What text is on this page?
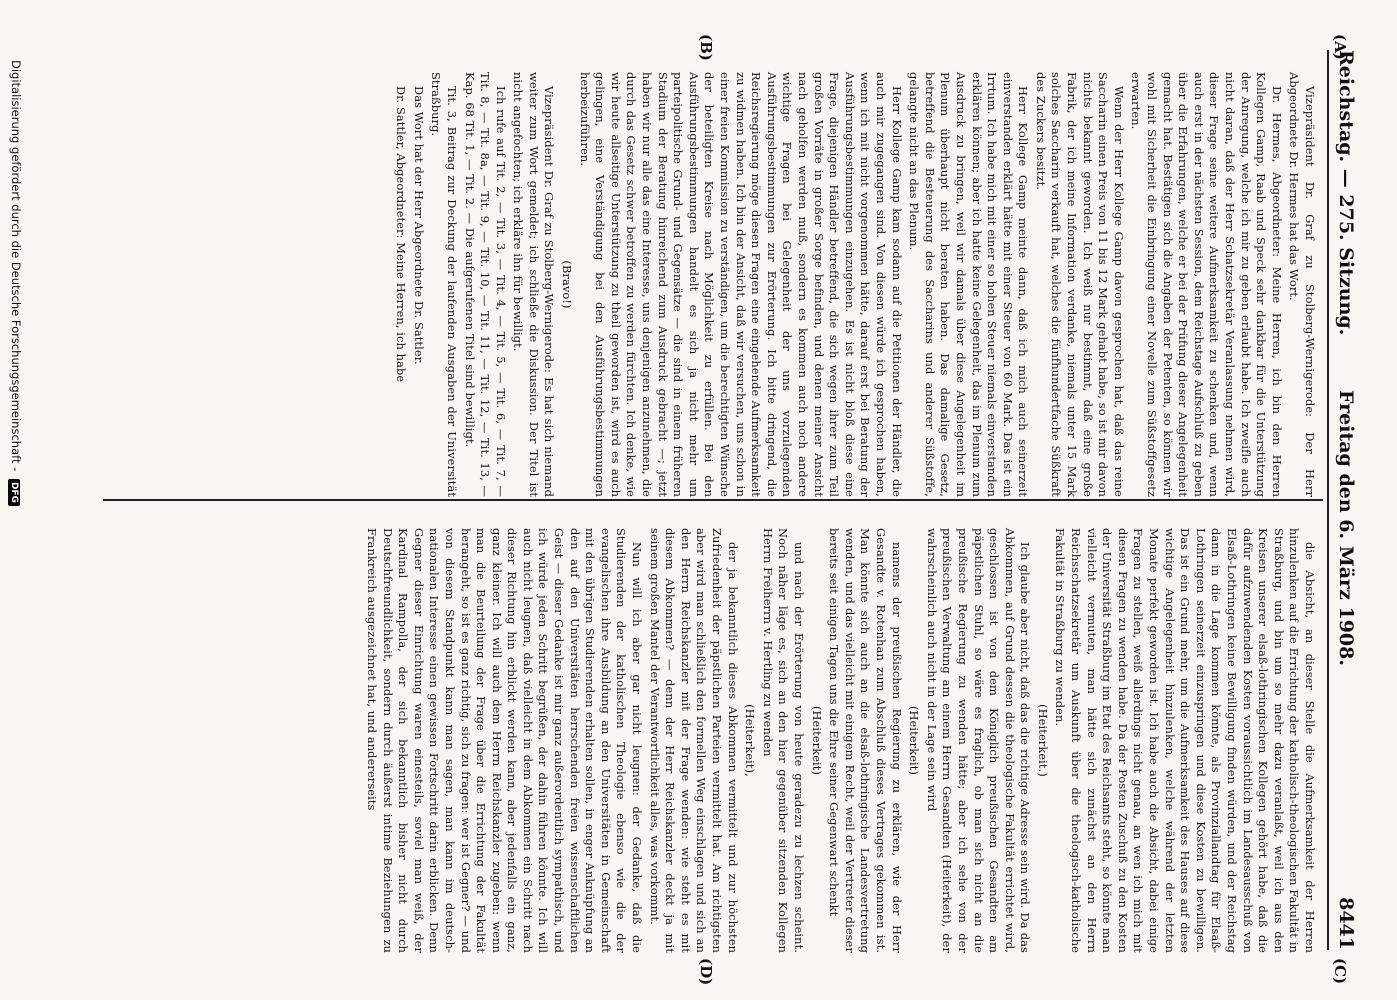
Reichstag. — 275. Sitzung.
Freitag den 6. März 1908.
8441
(A)
(B)
(C)
(D)

Vizepräsident Dr. Graf zu Stolberg-Wernigerode: Der Herr Abgeordnete Dr. Hermes hat das Wort.

Dr. Hermes, Abgeordneter: Meine Herren, ich bin den Herren Kollegen Gamp, Raab und Speck sehr dankbar für die Unterstützung der Anregung, welche ich mir zu geben erlaubt habe. Ich zweifle auch nicht daran, daß der Herr Schatzsekretär Veranlassung nehmen wird, dieser Frage seine weitere Aufmerksamkeit zu schenken und, wenn auch erst in der nächsten Session, dem Reichstage Aufschluß zu geben über die Erfahrungen, welche er bei der Prüfung dieser Angelegenheit gemacht hat. Bestätigen sich die Angaben der Petenten, so können wir wohl mit Sicherheit die Einbringung einer Novelle zum Süßstoffgesetz erwarten.

Wenn der Herr Kollege Gamp davon gesprochen hat, daß das reine Saccharin einen Preis von 11 bis 12 Mark gehabt habe, so ist mir davon nichts bekannt geworden. Ich weiß nur bestimmt, daß eine große Fabrik, der ich meine Information verdanke, niemals unter 15 Mark solches Saccharin verkauft hat, welches die fünfhundertfache Süßkraft des Zuckers besitzt.

Herr Kollege Gamp meinte dann, daß ich mich auch seinerzeit einverstanden erklärt hätte mit einer Steuer von 60 Mark. Das ist ein Irrtum. Ich habe mich mit einer so hohen Steuer niemals einverstanden erklären können; aber ich hatte keine Gelegenheit, das im Plenum zum Ausdruck zu bringen, weil wir damals über diese Angelegenheit im Plenum überhaupt nicht beraten haben. Das damalige Gesetz, betreffend die Besteuerung des Saccharins und anderer Süßstoffe, gelangte nicht an das Plenum.

Herr Kollege Gamp kam sodann auf die Petitionen der Händler, die auch mir zugegangen sind. Von diesen würde ich gesprochen haben, wenn ich mit nicht vorgenommen hätte, darauf erst bei Beratung der Ausführungsbestimmungen einzugehen. Es ist nicht bloß diese eine Frage, diejenigen Händler betreffend, die sich wegen ihrer zum Teil großen Vorräte in großer Sorge befinden, und denen meiner Ansicht nach geholfen werden muß, sondern es kommen auch noch andere wichtige Fragen bei Gelegenheit der uns vorzulegenden Ausführungsbestimmungen zur Erörterung. Ich bitte dringend, die Reichsregierung möge diesen Fragen eine eingehende Aufmerksamkeit zu widmen haben. Ich bin der Ansicht, daß wir versuchen, uns schon in einer freien Kommission zu verständigen, um die berechtigten Wünsche der beteiligten Kreise nach Möglichkeit zu erfüllen. Bei den Ausführungsbestimmungen handelt es sich ja nicht mehr um parteipolitische Grund- und Gegensätze — die sind in einem früheren Stadium der Beratung hinreichend zum Ausdruck gebracht —; jetzt haben wir nur alle das eine Interesse, uns denjenigen anzunehmen, die durch das Gesetz schwer betroffen zu werden fürchten. Ich denke, wie wir heute allseitige Unterstützung zu theil geworden ist, wird es auch gelingen, eine Verständigung bei den Ausführungsbestimmungen herbeizuführen.

(Bravo!)

Vizepräsident Dr. Graf zu Stolberg-Wernigerode: Es hat sich niemand weiter zum Wort gemeldet; ich schließe die Diskussion. Der Titel ist nicht angefochten; ich erkläre ihn für bewilligt.

Ich rufe auf Tit. 2, — Tit. 3, — Tit. 4, — Tit. 5, — Tit. 6, — Tit. 7, — Tit. 8, — Tit. 8a, — Tit. 9, — Tit. 10, — Tit. 11, — Tit. 12, — Tit. 13, — Kap. 68 Tit. 1, — Tit. 2. — Die aufgerufenen Titel sind bewilligt.

Tit. 3, Beitrag zur Deckung der laufenden Ausgaben der Universität Straßburg.

Das Wort hat der Herr Abgeordnete Dr. Sattler.

Dr. Sattler, Abgeordneter: Meine Herren, ich habe

die Absicht, an dieser Stelle die Aufmerksamkeit der Herren hinzulenken auf die Errichtung der katholisch-theologischen Fakultät in Straßburg, und bin um so mehr dazu veranlaßt, weil ich aus den Kreisen unserer elsaß-lothringischen Kollegen gehört habe, daß die dafür aufzuwendenden Kosten voraussichtlich im Landesausschuß von Elsaß-Lothringen keine Bewilligung finden würden, und der Reichstag dann in die Lage kommen könnte, als Provinziallandtag für Elsaß-Lothringen seinerzeit einzuspringen und diese Kosten zu bewilligen. Das ist ein Grund mehr, um die Aufmerksamkeit des Hauses auf diese wichtige Angelegenheit hinzulenken, welche während der letzten Monate perfekt geworden ist. Ich habe auch die Absicht, dabei einige Fragen zu stellen, weiß allerdings nicht genau, an wen ich mich mit diesen Fragen zu wenden habe. Da der Posten Zuschuß zu den Kosten der Universität Straßburg im Etat des Reichsamts steht, so könnte man vielleicht vermuten, man hätte sich zunächst an den Herrn Reichsschatzsekretär um Auskunft über die theologisch-katholische Fakultät in Straßburg zu wenden.

(Heiterkeit.)

Ich glaube aber nicht, daß das die richtige Adresse sein wird. Da das Abkommen, auf Grund dessen die theologische Fakultät errichtet wird, geschlossen ist von dem Königlich preußischen Gesandten am päpstlichen Stuhl, so wäre es fraglich, ob man sich nicht an die preußische Regierung zu wenden hätte; aber ich sehe von der preußischen Verwaltung am einem Herrn Gesandten (Heiterkeit), der wahrscheinlich auch nicht in der Lage sein wird

(Heiterkeit)

namens der preußischen Regierung zu erklären, wie der Herr Gesandte v. Rotenhan zum Abschluß dieses Vertrages gekommen ist. Man könnte sich auch an die elsaß-lothringische Landesvertretung wenden, und das vielleicht mit einigem Recht, weil der Vertreter dieser bereits seit einigen Tagen uns die Ehre seiner Gegenwart schenkt

(Heiterkeit)

und nach der Erörterung von heute geradezu zu lechzen scheint. Noch näher läge es, sich an den hier gegenüber sitzenden Kollegen Herrn Freiherrn v. Hertling zu wenden

(Heiterkeit),

der ja bekanntlich dieses Abkommen vermittelt und zur höchsten Zufriedenheit der päpstlichen Parteien vermittelt hat. Am richtigsten aber wird man schließlich den formellen Weg einschlagen und sich an den Herrn Reichskanzler mit der Frage wenden: wie steht es mit diesem Abkommen? — denn der Herr Reichskanzler deckt ja mit seinem großen Mantel der Verantwortlichkeit alles, was vorkommt.

Nun will ich aber gar nicht leugnen: der Gedanke, daß die Studierenden der katholischen Theologie ebenso wie die der evangelischen ihre Ausbildung an den Universitäten in Gemeinschaft mit den übrigen Studierenden erhalten sollen, in enger Anknüpfung an den auf den Universitäten herrschenden freien wissenschaftlichen Geist — dieser Gedanke ist mir ganz außerordentlich sympathisch, und ich würde jeden Schritt begrüßen, der dahin führen könnte. Ich will auch nicht leugnen, daß vielleicht in dem Abkommen ein Schritt nach dieser Richtung hin erblickt werden kann, aber jedenfalls ein ganz, ganz kleiner. Ich will auch dem Herrn Reichskanzler zugeben: wenn man die Beurteilung der Frage über die Errichtung der Fakultät herangeht, so ist es ganz richtig, sich zu fragen: wer ist Gegner? — und von diesem Standpunkt kann man sagen, man kann im deutsch-nationalen Interesse einen gewissen Fortschritt darin erblicken. Denn Gegner dieser Einrichtung waren einesteils, soviel man weiß, der Kardinal Rampolla, der sich bekanntlich bisher nicht durch Deutschfreundlichkeit, sondern durch äußerst intime Beziehungen zu Frankreich ausgezeichnet hat, und andererseits

Digitalisierung gefördert durch die Deutsche Forschungsgemeinschaft - DFG
